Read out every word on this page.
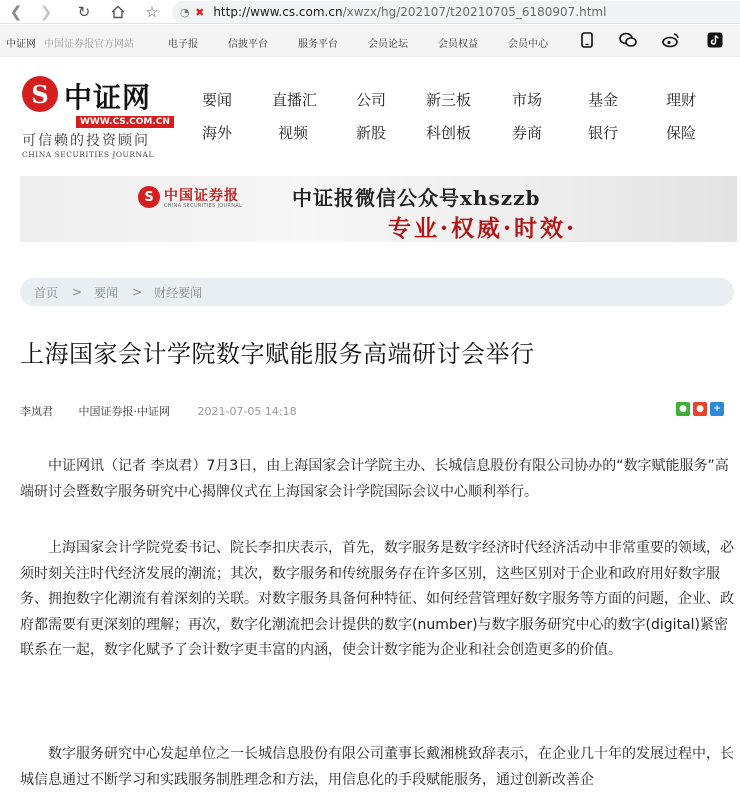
❮	❯	↻	☆	◔ ✖ http://www.cs.com.cn/xwzx/hg/202107/t20210705_6180907.html
中证网 中国证券报官方网站	电子报	信披平台	服务平台	会员论坛	会员权益	会员中心
S 中证网
WWW.CS.COM.CN
可信赖的投资顾问
CHINA SECURITIES JOURNAL
要闻	直播汇	公司	新三板	市场	基金	理财
海外	视频	新股	科创板	券商	银行	保险
S 中国证券报
CHINA SECURITIES JOURNAL 中证报微信公众号xhszzb
专业·权威·时效·
首页 > 要闻 > 财经要闻
上海国家会计学院数字赋能服务高端研讨会举行
李岚君 中国证券报·中证网	2021-07-05 14:18	●	●	+

中证网讯（记者 李岚君）7月3日，由上海国家会计学院主办、长城信息股份有限公司协办的“数字赋能服务”高端研讨会暨数字服务研究中心揭牌仪式在上海国家会计学院国际会议中心顺利举行。

上海国家会计学院党委书记、院长李扣庆表示，首先，数字服务是数字经济时代经济活动中非常重要的领域，必须时刻关注时代经济发展的潮流；其次，数字服务和传统服务存在许多区别，这些区别对于企业和政府用好数字服务、拥抱数字化潮流有着深刻的关联。对数字服务具备何种特征、如何经营管理好数字服务等方面的问题，企业、政府都需要有更深刻的理解；再次，数字化潮流把会计提供的数字(number)与数字服务研究中心的数字(digital)紧密联系在一起，数字化赋予了会计数字更丰富的内涵，使会计数字能为企业和社会创造更多的价值。

数字服务研究中心发起单位之一长城信息股份有限公司董事长戴湘桃致辞表示，在企业几十年的发展过程中，长城信息通过不断学习和实践服务制胜理念和方法，用信息化的手段赋能服务，通过创新改善企
